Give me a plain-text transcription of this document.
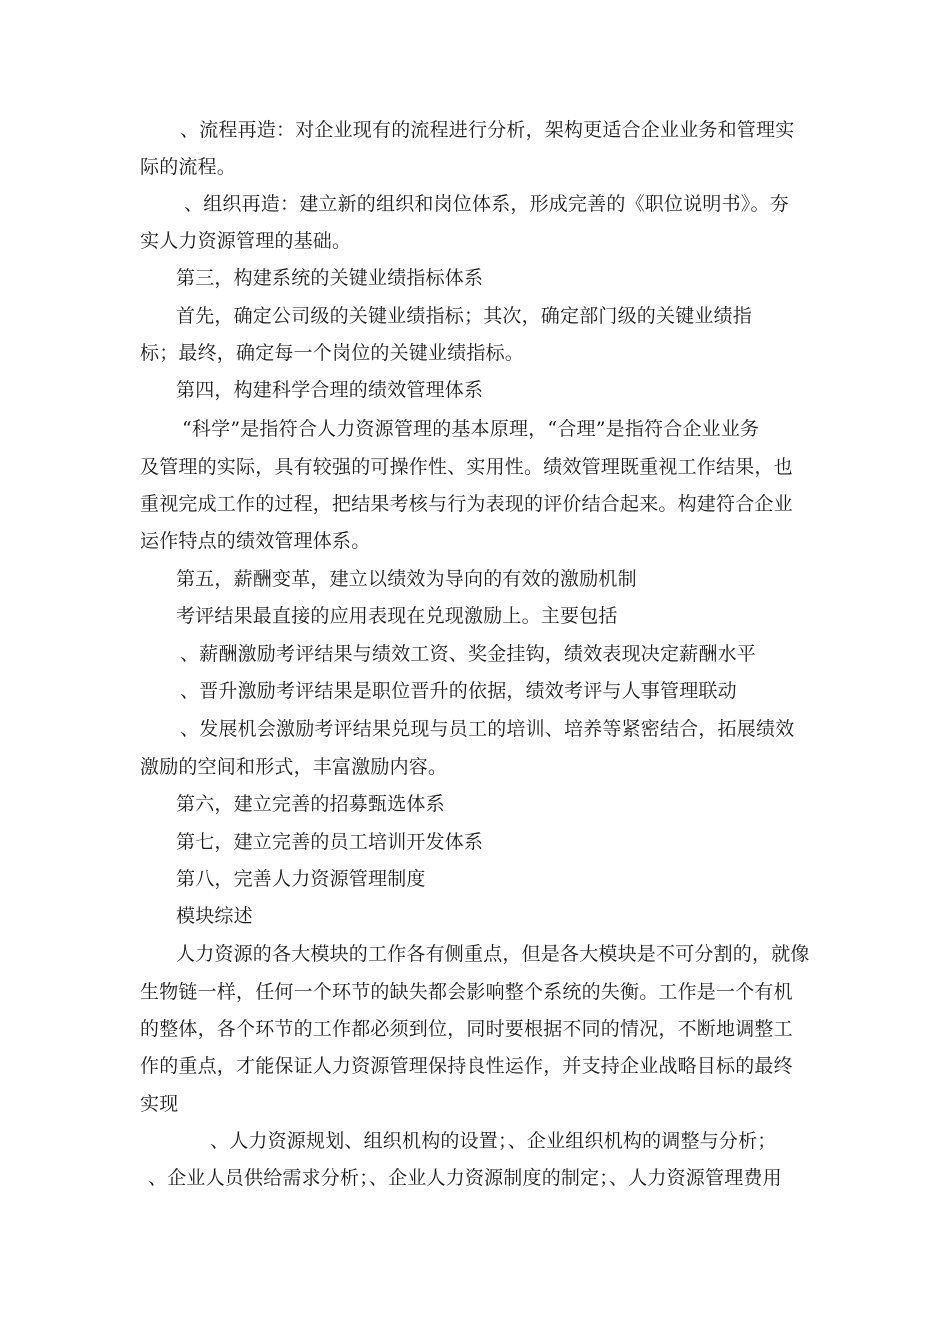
、流程再造：对企业现有的流程进行分析，架构更适合企业业务和管理实
际的流程。
、组织再造：建立新的组织和岗位体系，形成完善的《职位说明书》。夯
实人力资源管理的基础。
第三，构建系统的关键业绩指标体系
首先，确定公司级的关键业绩指标；其次，确定部门级的关键业绩指
标；最终，确定每一个岗位的关键业绩指标。
第四，构建科学合理的绩效管理体系
“科学”是指符合人力资源管理的基本原理，“合理”是指符合企业业务
及管理的实际，具有较强的可操作性、实用性。绩效管理既重视工作结果，也
重视完成工作的过程，把结果考核与行为表现的评价结合起来。构建符合企业
运作特点的绩效管理体系。
第五，薪酬变革，建立以绩效为导向的有效的激励机制
考评结果最直接的应用表现在兑现激励上。主要包括
、薪酬激励考评结果与绩效工资、奖金挂钩，绩效表现决定薪酬水平
、晋升激励考评结果是职位晋升的依据，绩效考评与人事管理联动
、发展机会激励考评结果兑现与员工的培训、培养等紧密结合，拓展绩效
激励的空间和形式，丰富激励内容。
第六，建立完善的招募甄选体系
第七，建立完善的员工培训开发体系
第八，完善人力资源管理制度
模块综述
人力资源的各大模块的工作各有侧重点，但是各大模块是不可分割的，就像
生物链一样，任何一个环节的缺失都会影响整个系统的失衡。工作是一个有机
的整体，各个环节的工作都必须到位，同时要根据不同的情况，不断地调整工
作的重点，才能保证人力资源管理保持良性运作，并支持企业战略目标的最终
实现
、人力资源规划、组织机构的设置；、企业组织机构的调整与分析；
、企业人员供给需求分析；、企业人力资源制度的制定；、人力资源管理费用
